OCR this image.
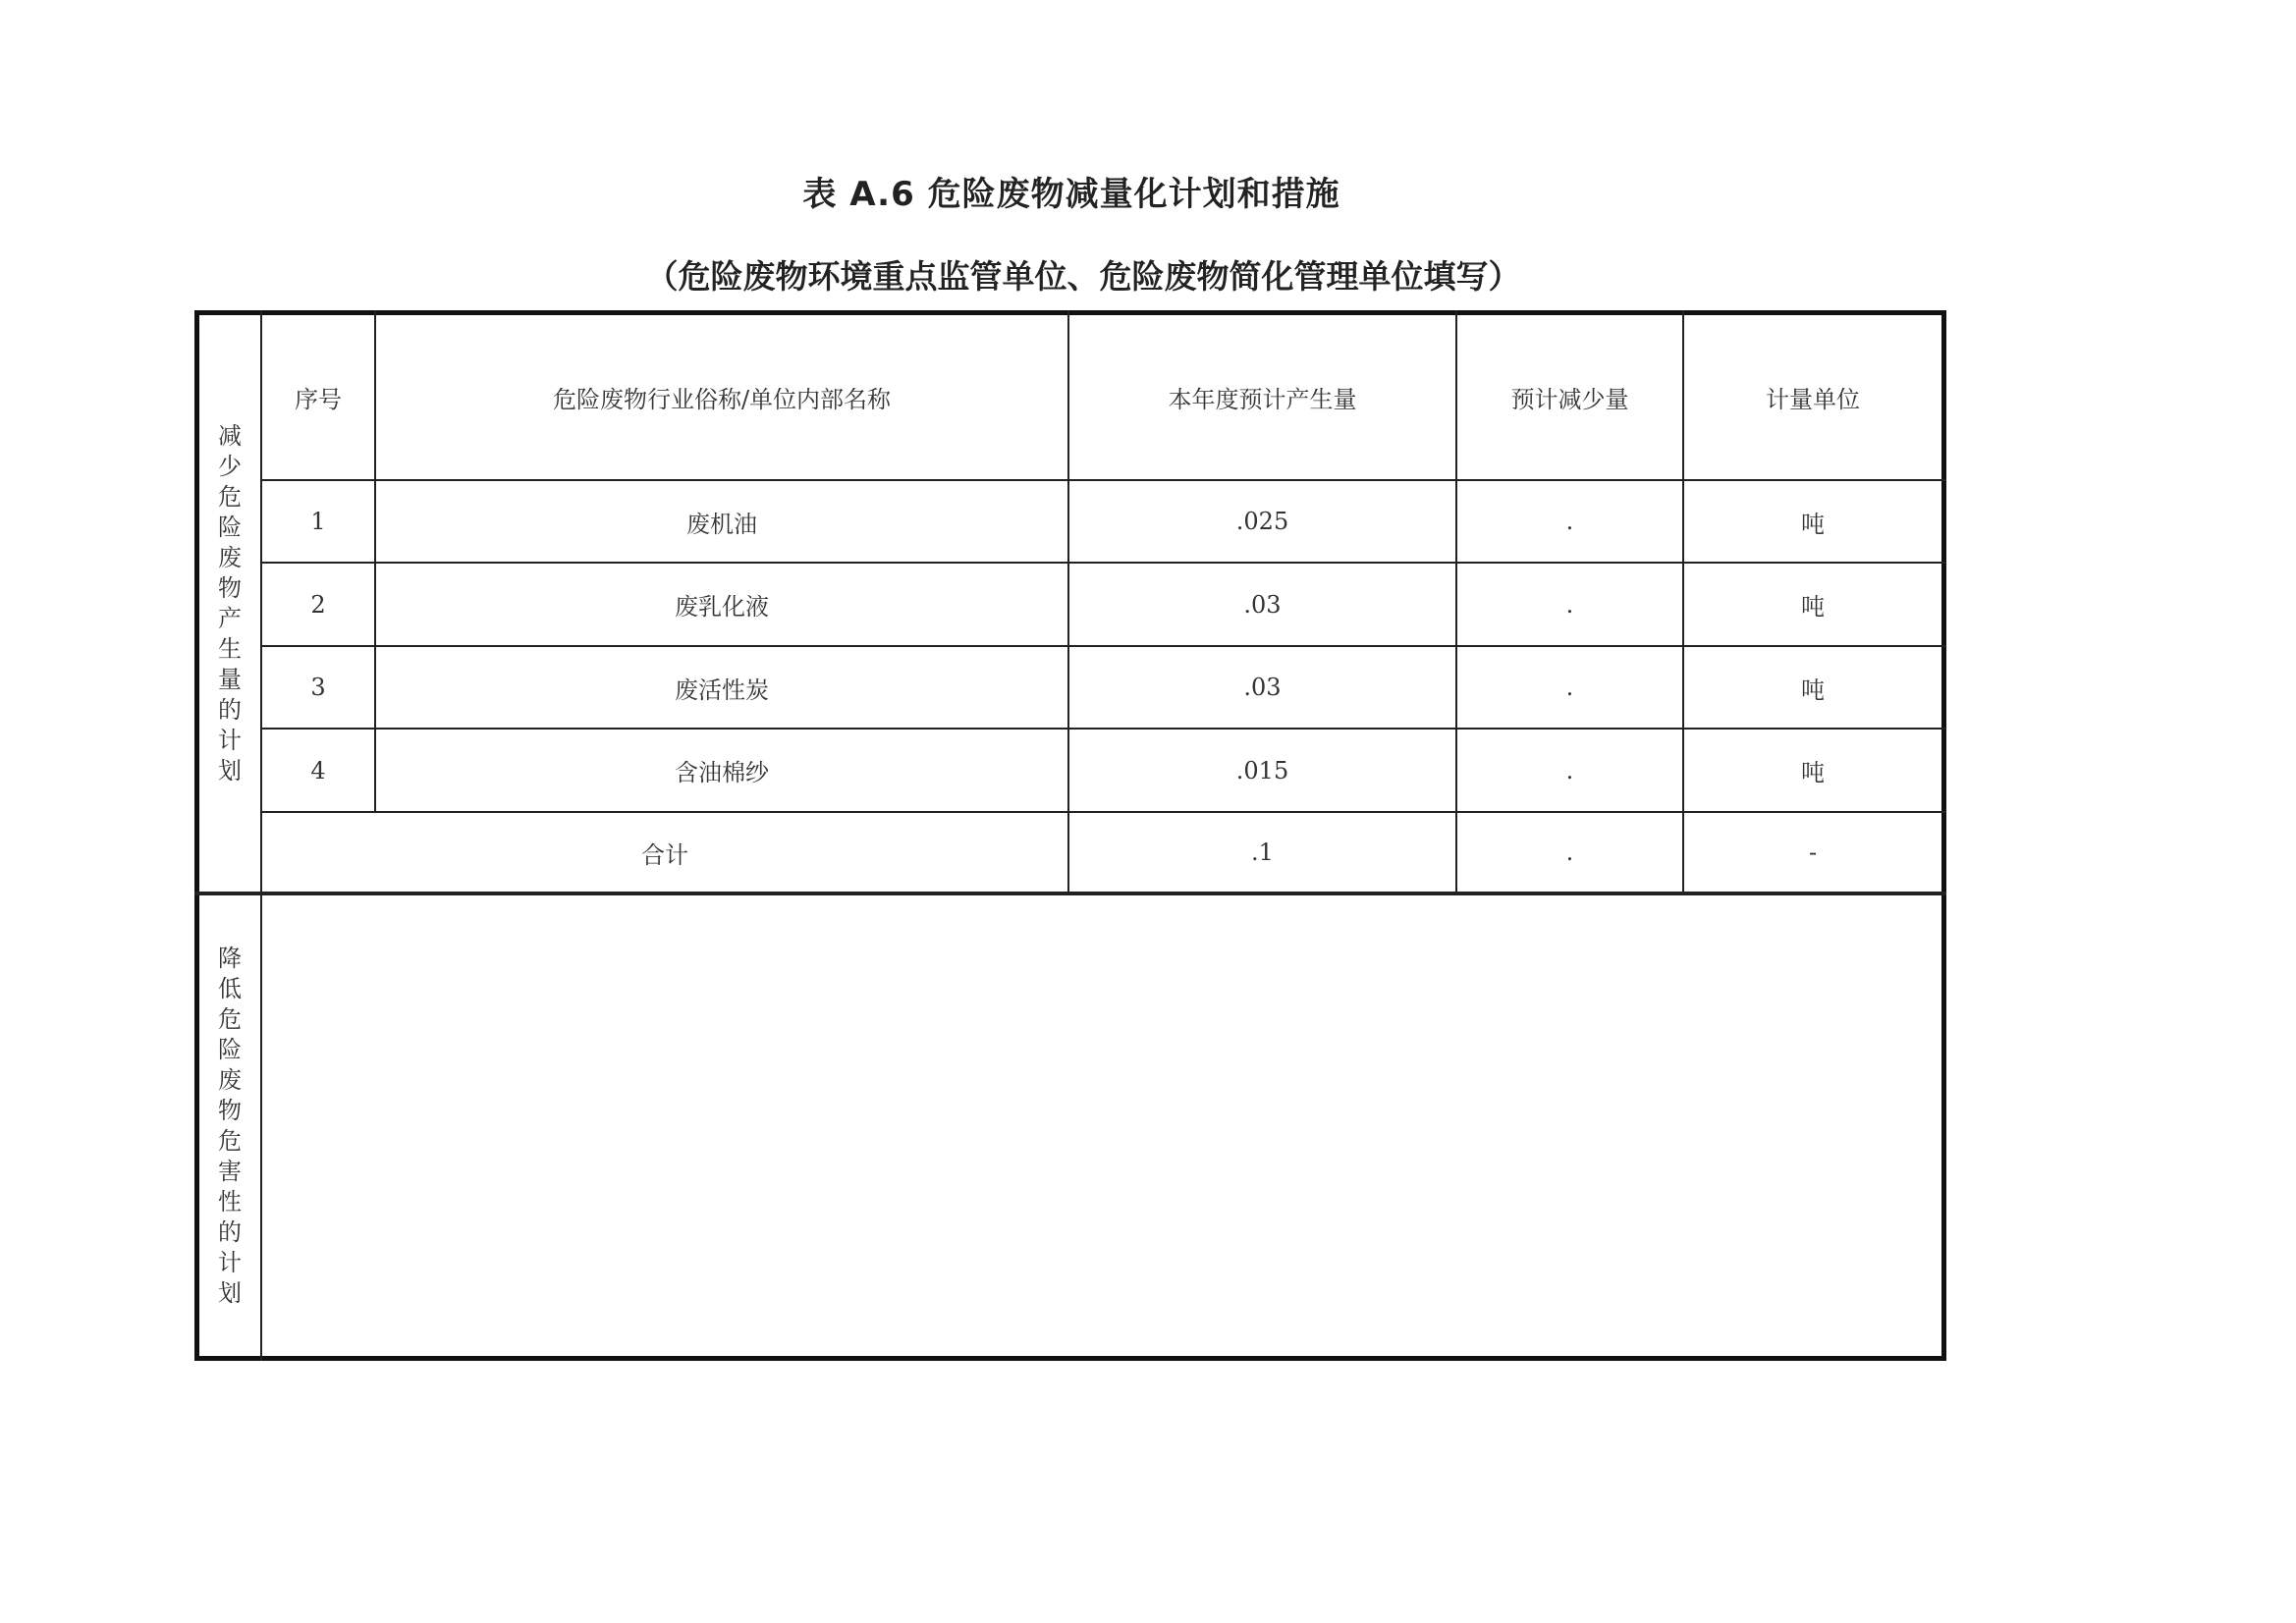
表 A.6 危险废物减量化计划和措施
（危险废物环境重点监管单位、危险废物简化管理单位填写）
减
少
危
险
废
物
产
生
量
的
计
划
降
低
危
险
废
物
危
害
性
的
计
划
序号	危险废物行业俗称/单位内部名称	本年度预计产生量	预计减少量	计量单位
1	废机油	.025	.	吨
2	废乳化液	.03	.	吨
3	废活性炭	.03	.	吨
4	含油棉纱	.015	.	吨
合计	.1	.	-
